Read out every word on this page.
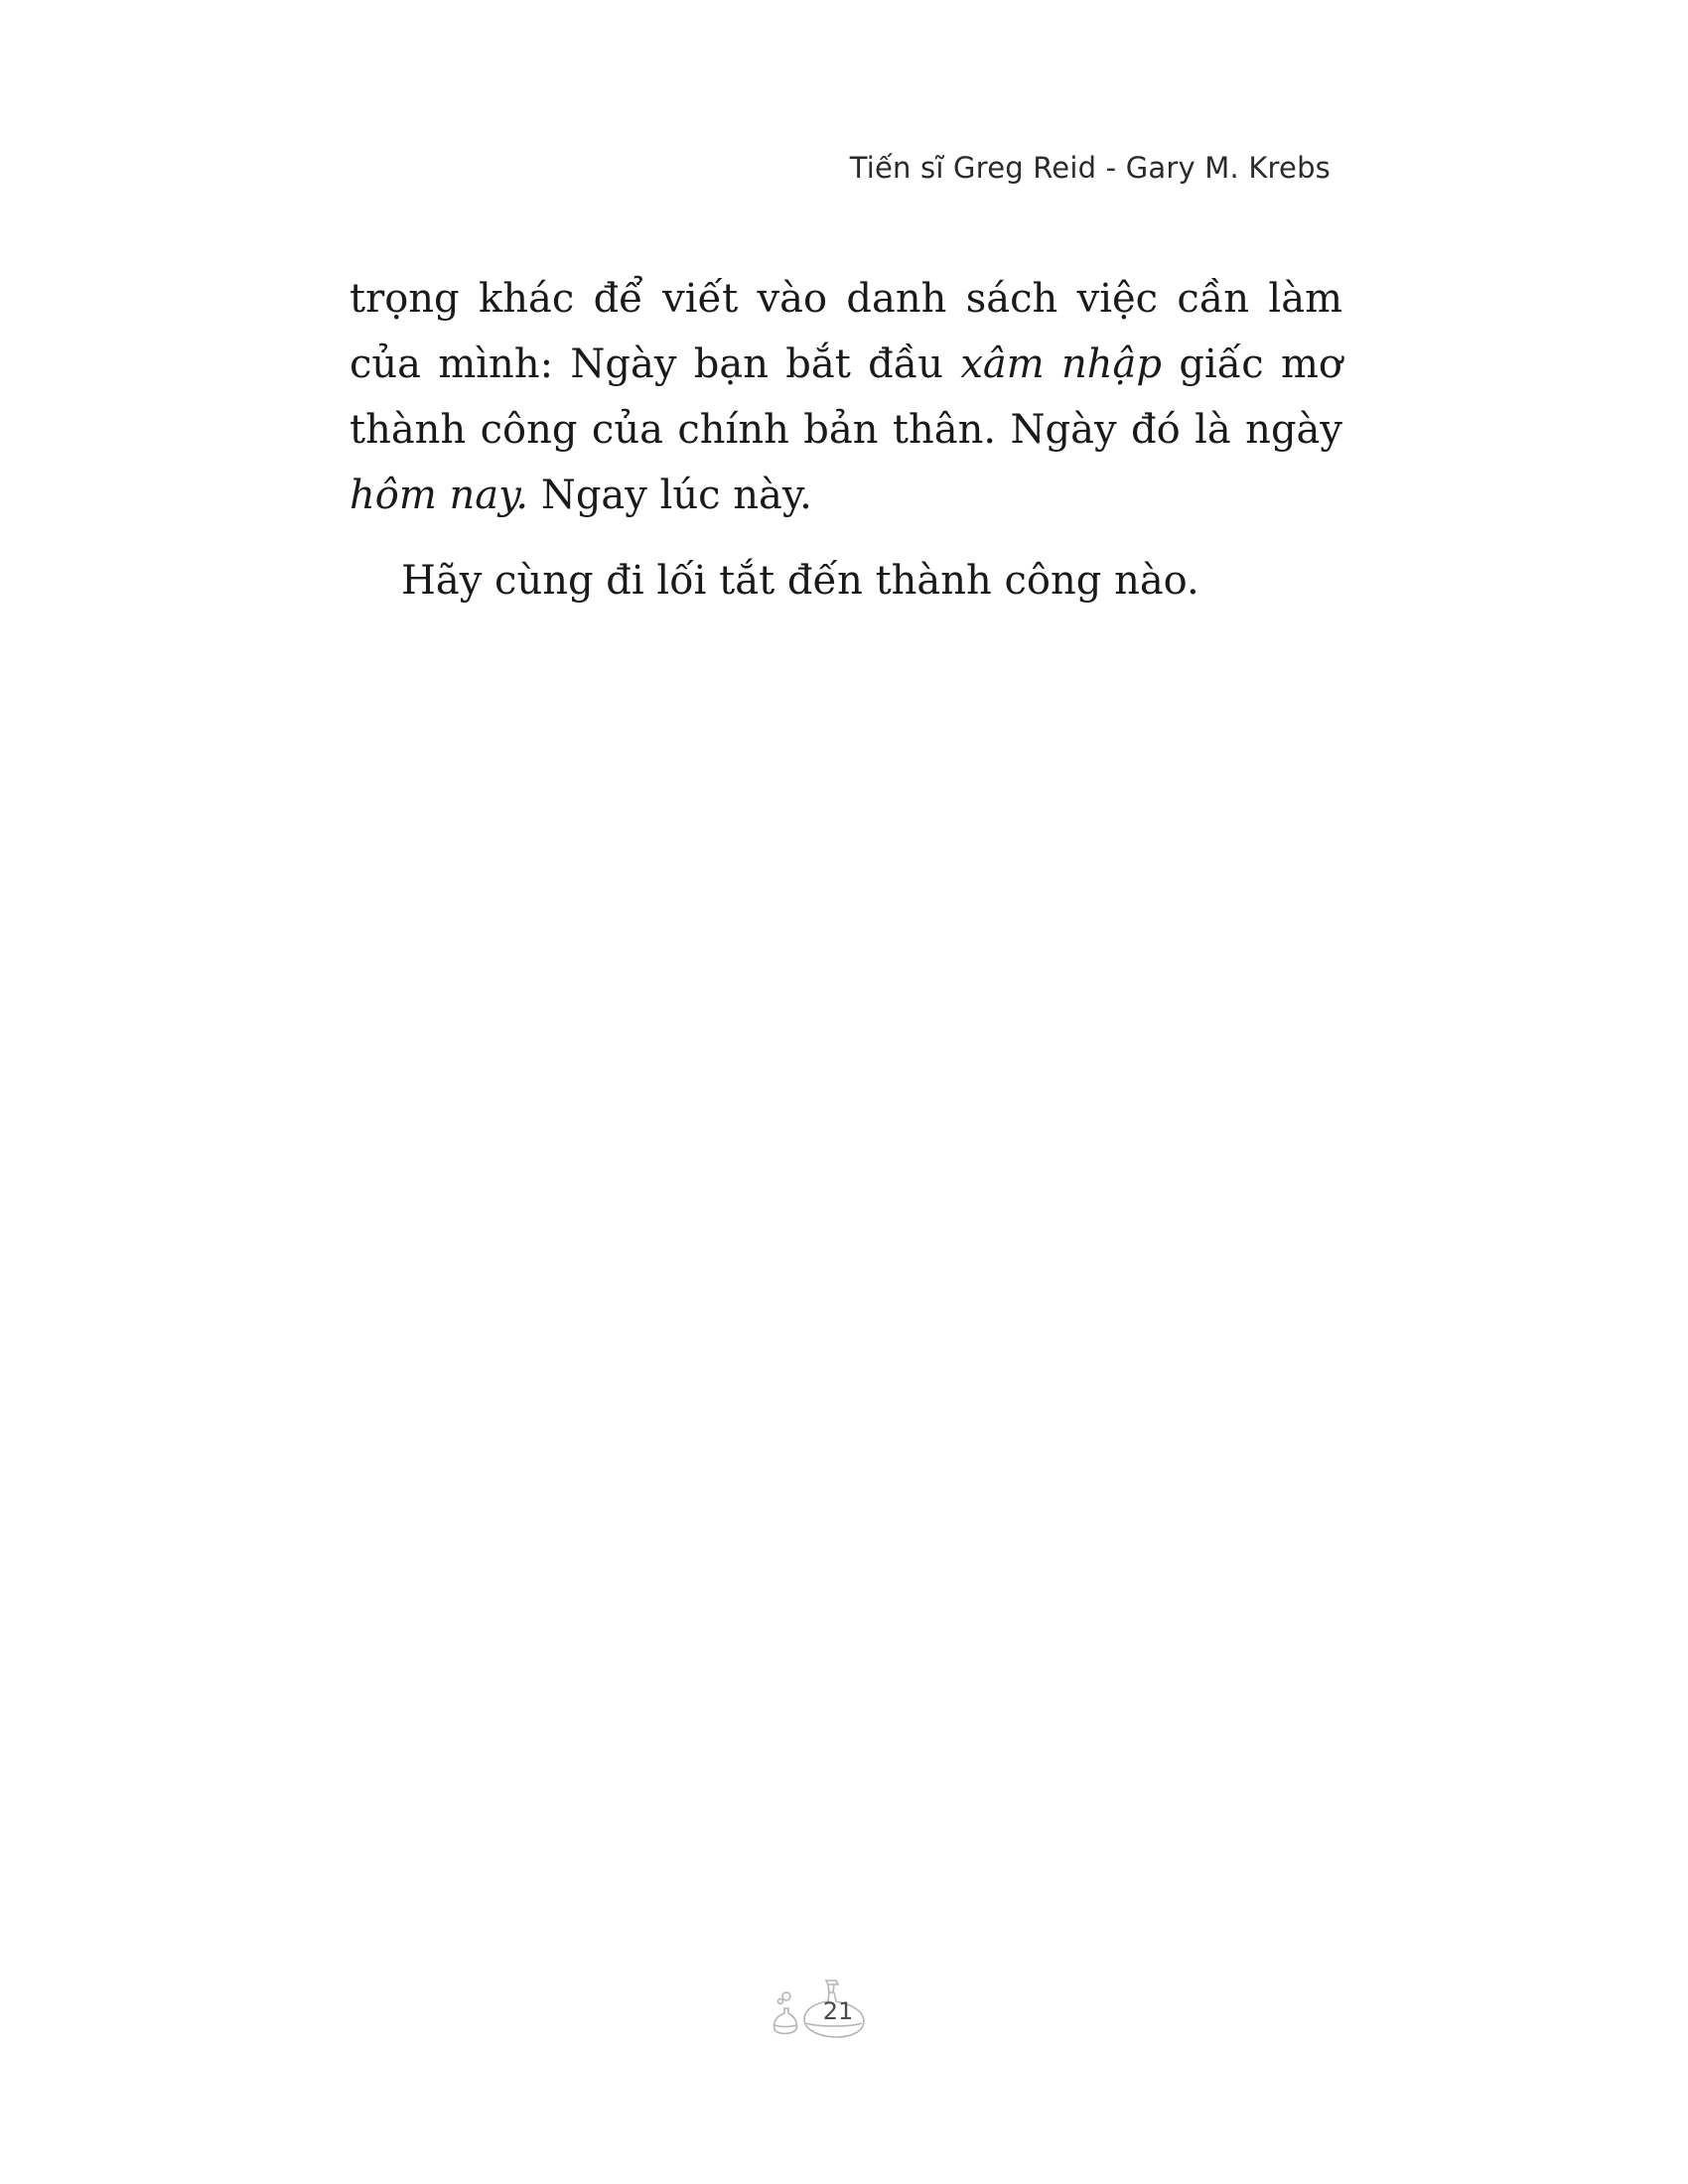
Tiến sĩ Greg Reid - Gary M. Krebs

trọng khác để viết vào danh sách việc cần làm của mình: Ngày bạn bắt đầu xâm nhập giấc mơ thành công của chính bản thân. Ngày đó là ngày hôm nay. Ngay lúc này.

Hãy cùng đi lối tắt đến thành công nào.

21
